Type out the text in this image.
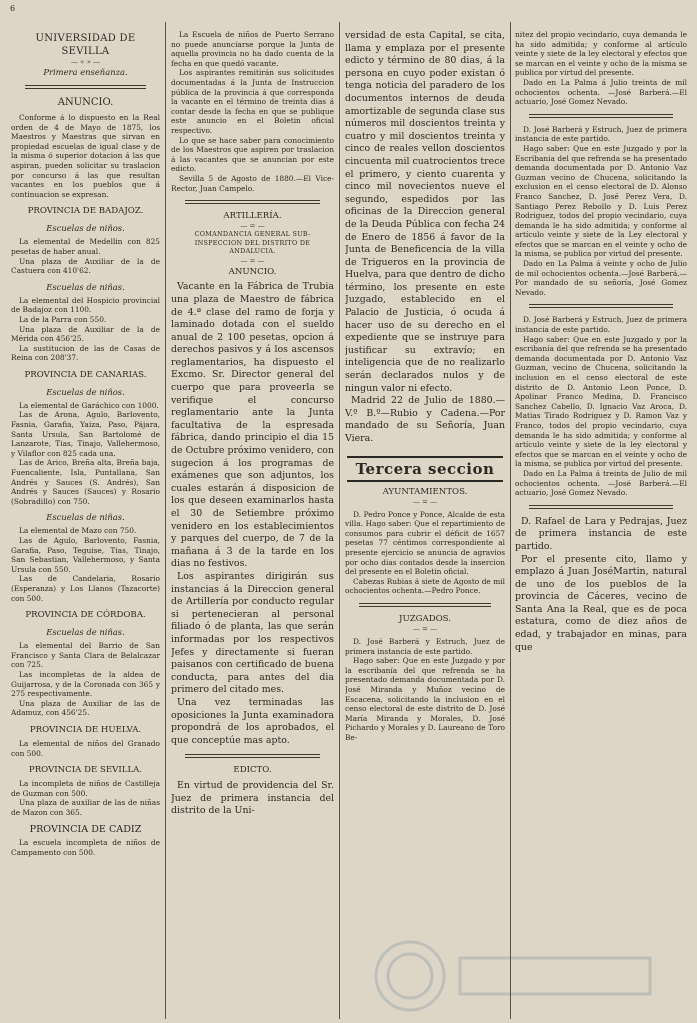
6
UNIVERSIDAD DE SEVILLA
— « » —
Primera enseñanza.
ANUNCIO.

Conforme á lo dispuesto en la Real orden de 4 de Mayo de 1875, los Maestros y Maestras que sirvan en propiedad escuelas de igual clase y de la misma ó superior dotacion á las que aspiran, pueden solicitar su traslacion por concurso á las que resultan vacantes en los pueblos que á continuacion se expresan.

PROVINCIA DE BADAJOZ.
Escuelas de niños.

La elemental de Medellin con 825 pesetas de haber anual.

Una plaza de Auxiliar de la de Castuera con 410'62.

Escuelas de niñas.

La elemental del Hospicio provincial de Badajoz con 1100.

La de la Parra con 550.

Una plaza de Auxiliar de la de Mérida con 456'25.

La sustitucion de las de Casas de Reina con 208'37.

PROVINCIA DE CANARIAS.
Escuelas de niños.

La elemental de Garáchico con 1000.

Las de Arona, Agulo, Barlovento, Fasnia, Garafia, Yaiza, Paso, Pájara, Santa Ursula, San Bartolomé de Lanzarote, Tias, Tinajo, Vallehermoso, y Vilaflor con 825 cada una.

Las de Arico, Breña alta, Breña baja, Fuencaliente, Isla, Puntallana, San Andrés y Sauces (S. Andrés), San Andrés y Sauces (Sauces) y Rosario (Sobradillo) con 750.

Escuelas de niñas.

La elemental de Mazo con 750.

Las de Agulo, Barlovento, Fasnia, Garafia, Paso, Teguise, Tias, Tinajo, San Sebastian, Vallehermoso, y Santa Ursula con 550.

Las de Candelaria, Rosario (Esperanza) y Los Llanos (Tazacorte) con 500.

PROVINCIA DE CÓRDOBA.
Escuelas de niñas.

La elemental del Barrio de San Francisco y Santa Clara de Belalcazar con 725.

Las incompletas de la aldea de Guijarrosa, y de la Coronada con 365 y 275 respectivamente.

Una plaza de Auxiliar de las de Adamuz, con 456'25.

PROVINCIA DE HUELVA.

La elemental de niños del Granado con 500.

PROVINCIA DE SEVILLA.

La incompleta de niños de Castilleja de Guzman con 500.

Una plaza de auxiliar de las de niñas de Mazon con 365.

PROVINCIA DE CADIZ

La escuela incompleta de niños de Campamento con 500.

La Escuela de niños de Puerto Serrano no puede anunciarse porque la Junta de aquella provincia no ha dado cuenta de la fecha en que quedó vacante.

Los aspirantes remitirán sus solicitudes documentadas á la Junta de Instruccion pública de la provincia á que corresponda la vacante en el término de treinta dias á contar desde la fecha en que se publique este anuncio en el Boletin oficial respectivo.

Lo que se hace saber para conocimiento de los Maestros que aspiren por traslacion á las vacantes que se anuncian por este edicto.

Sevilla 5 de Agosto de 1880.—El Vice-Rector, Juan Campelo.

ARTILLERÍA.
— = —
COMANDANCIA GENERAL SUB-INSPECCION DEL DISTRITO DE ANDALUCIA.
— = —
ANUNCIO.

Vacante en la Fábrica de Trubia una plaza de Maestro de fábrica de 4.ª clase del ramo de forja y laminado dotada con el sueldo anual de 2 100 pesetas, opcion á derechos pasivos y á los ascensos reglamentarios, ha dispuesto el Excmo. Sr. Director general del cuerpo que para proveerla se verifique el concurso reglamentario ante la Junta facultativa de la espresada fábrica, dando principio el dia 15 de Octubre próximo venidero, con sugecion á los programas de exámenes que son adjuntos, los cuales estarán á disposicion de los que deseen examinarlos hasta el 30 de Setiembre próximo venidero en los establecimientos y parques del cuerpo, de 7 de la mañana á 3 de la tarde en los dias no festivos.

Los aspirantes dirigirán sus instancias á la Direccion general de Artillería por conducto regular si pertenecieran al personal filiado ó de planta, las que serán informadas por los respectivos Jefes y directamente si fueran paisanos con certificado de buena conducta, para antes del dia primero del citado mes.

Una vez terminadas las oposiciones la Junta examinadora propondrá de los aprobados, el que conceptúe mas apto.

EDICTO.

En virtud de providencia del Sr. Juez de primera instancia del distrito de la Uni-

versidad de esta Capital, se cita, llama y emplaza por el presente edicto y término de 80 dias, á la persona en cuyo poder existan ó tenga noticia del paradero de los documentos internos de deuda amortizable de segunda clase sus números mil doscientos treinta y cuatro y mil doscientos treinta y cinco de reales vellon doscientos cincuenta mil cuatrocientos trece el primero, y ciento cuarenta y cinco mil novecientos nueve el segundo, espedidos por las oficinas de la Direccion general de la Deuda Pública con fecha 24 de Enero de 1856 á favor de la Junta de Beneficencia de la villa de Trigueros en la provincia de Huelva, para que dentro de dicho término, los presente en este Juzgado, establecido en el Palacio de Justicia, ó ocuda á hacer uso de su derecho en el expediente que se instruye para justificar su extravío; en inteligencia que de no realizarlo serán declarados nulos y de ningun valor ni efecto.

Madrid 22 de Julio de 1880.—V.º B.º—Rubio y Cadena.—Por mandado de su Señoría, Juan Viera.

Tercera seccion
AYUNTAMIENTOS.
— = —

D. Pedro Ponce y Ponce, Alcalde de esta villa. Hago saber: Que el repartimiento de consumos para cubrir el déficit de 1657 pesetas 77 céntimos correspondiente al presente ejercicio se anuncia de agravios por ocho dias contados desde la insercion del presente en el Boletin oficial.

Cabezas Rubias á siete de Agosto de mil ochocientos ochenta.—Pedro Ponce.

JUZGADOS.
— = —

D. José Barberá y Estruch, Juez de primera instancia de este partido.

Hago saber: Que en este Juzgado y por la escribanía del que refrenda se ha presentado demanda documentada por D. José Miranda y Muñoz vecino de Escacena, solicitando la inclusion en el censo electoral de este distrito de D. José María Miranda y Morales, D. José Pichardo y Morales y D. Laureano de Toro Be-

nitez del propio vecindario, cuya demanda le ha sido admitida; y conforme al artículo veinte y siete de la ley electoral y efectos que se marcan en el veinte y ocho de la misma se publica por virtud del presente.

Dado en La Palma á Julio treinta de mil ochocientos ochenta. —José Barberá.—El actuario, José Gomez Nevado.

D. José Barberá y Estruch, Juez de primera instancia de este partido.

Hago saber: Que en este Juzgado y por la Escribania del que refrenda se ha presentado demanda documentada por D. Antonio Vaz Guzman vecino de Chucena, solicitando la exclusion en el censo electoral de D. Alonso Franco Sanchez, D. José Perez Vera, D. Santiago Perez Rebollo y D. Luis Perez Rodriguez, todos del propio vecindario, cuya demanda le ha sido admitida; y conforme al artículo veinte y siete de la Ley electoral y efectos que se marcan en el veinte y ocho de la misma, se publica por virtud del presente.

Dado en La Palma á veinte y ocho de Julio de mil ochocientos ochenta.—José Barberá.—Por mandado de su señoría, José Gomez Nevado.

D. José Barberá y Estruch, Juez de primera instancia de este partido.

Hago saber: Que en este Juzgado y por la escribanía del que refrenda se ha presentado demanda documentada por D. Antonio Vaz Guzman, vecino de Chucena, solicitando la inclusion en el censo electoral de este distrito de D. Antonio Leon Ponce, D. Apolinar Franco Medina, D. Francisco Sanchez Cabello, D. Ignacio Vaz Aroca, D. Matias Tirado Rodriguez y D. Ramon Vaz y Franco, todos del propio vecindario, cuya demanda le ha sido admitida; y conforme al artículo veinte y siete de la ley electoral y efectos que se marcan en el veinte y ocho de la misma, se publica por virtud del presente.

Dado en La Palma á treinta de Julio de mil ochocientos ochenta. —José Barberá.—El actuario, José Gomez Nevado.

D. Rafael de Lara y Pedrajas, Juez de primera instancia de este partido.

Por el presente cito, llamo y emplazo á Juan JoséMartin, natural de uno de los pueblos de la provincia de Cáceres, vecino de Santa Ana la Real, que es de poca estatura, como de diez años de edad, y trabajador en minas, para que
